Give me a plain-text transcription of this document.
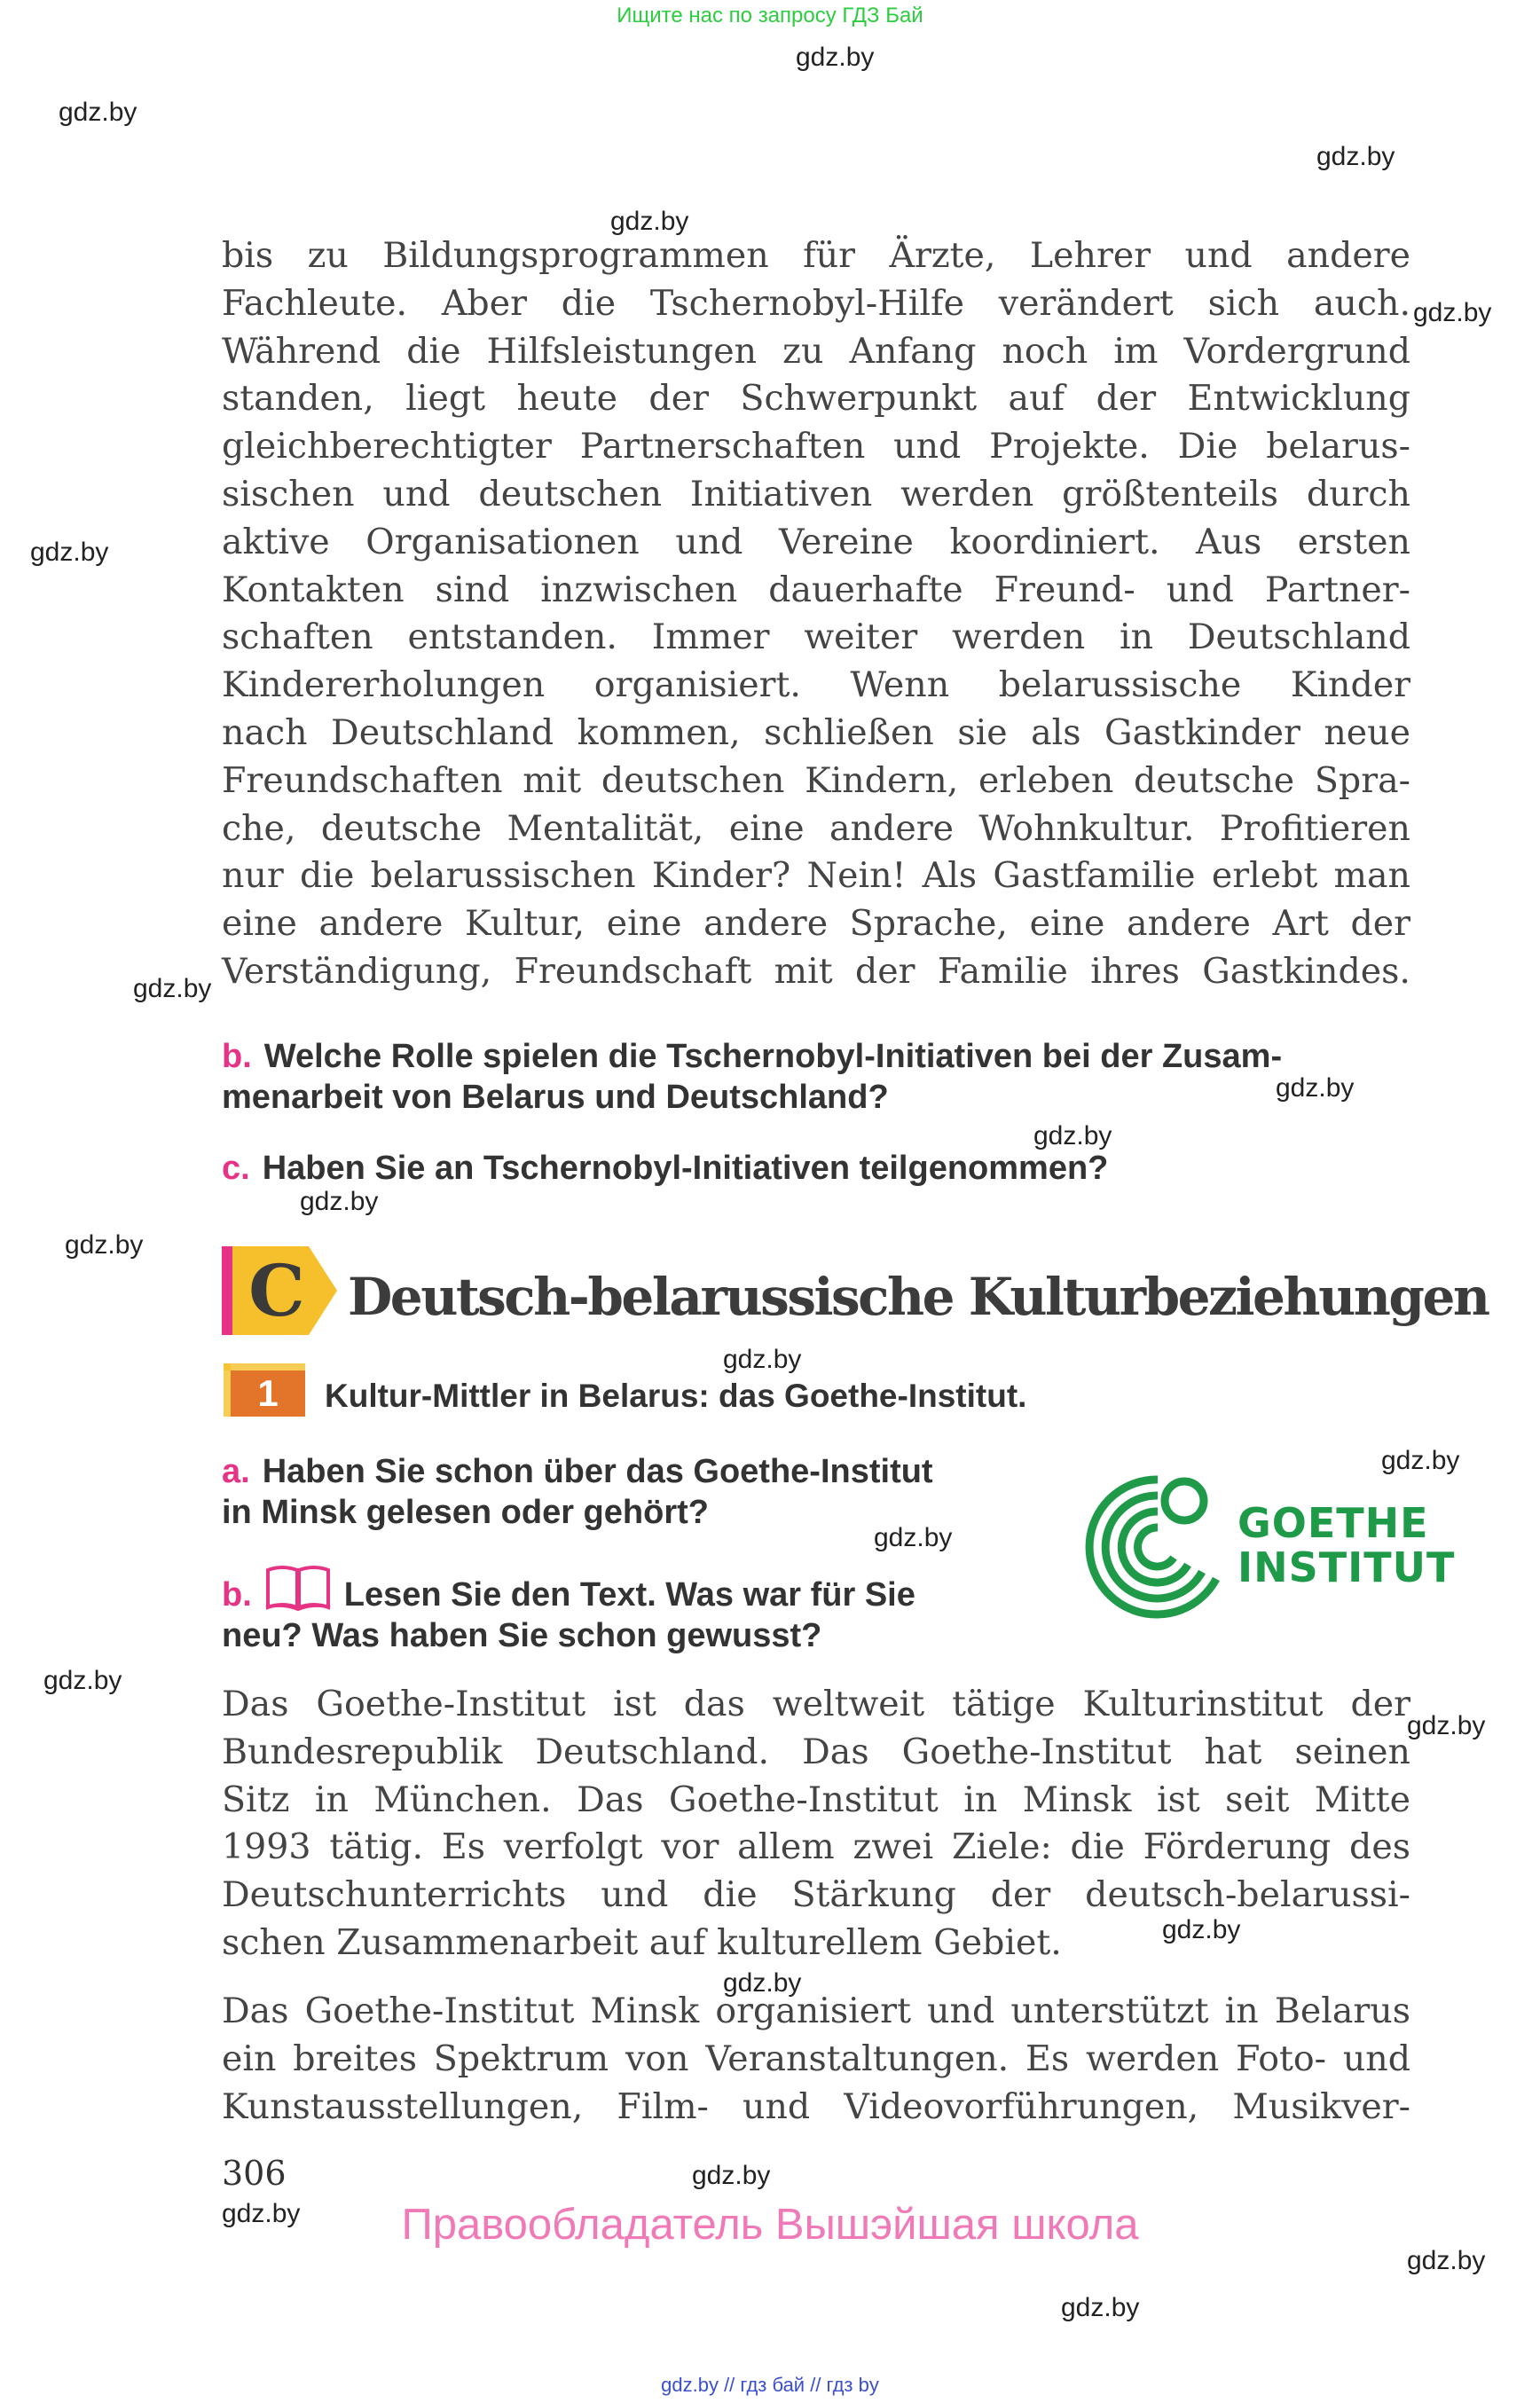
Ищите нас по запросу ГДЗ Бай
gdz.by
gdz.by
gdz.by
gdz.by
gdz.by
gdz.by
gdz.by
gdz.by
gdz.by
gdz.by
gdz.by
gdz.by
gdz.by
gdz.by
gdz.by
gdz.by
gdz.by
gdz.by
gdz.by
gdz.by
gdz.by
gdz.by
bis zu Bildungsprogrammen für Ärzte, Lehrer und andere
Fachleute. Aber die Tschernobyl-Hilfe verändert sich auch.
Während die Hilfsleistungen zu Anfang noch im Vordergrund
standen, liegt heute der Schwerpunkt auf der Entwicklung
gleichberechtigter Partnerschaften und Projekte. Die belarus-
sischen und deutschen Initiativen werden größtenteils durch
aktive Organisationen und Vereine koordiniert. Aus ersten
Kontakten sind inzwischen dauerhafte Freund- und Partner-
schaften entstanden. Immer weiter werden in Deutschland
Kindererholungen organisiert. Wenn belarussische Kinder
nach Deutschland kommen, schließen sie als Gastkinder neue
Freundschaften mit deutschen Kindern, erleben deutsche Spra-
che, deutsche Mentalität, eine andere Wohnkultur. Profitieren
nur die belarussischen Kinder? Nein! Als Gastfamilie erlebt man
eine andere Kultur, eine andere Sprache, eine andere Art der
Verständigung, Freundschaft mit der Familie ihres Gastkindes.
b. Welche Rolle spielen die Tschernobyl-Initiativen bei der Zusam-
menarbeit von Belarus und Deutschland?
c. Haben Sie an Tschernobyl-Initiativen teilgenommen?
C Deutsch-belarussische Kulturbeziehungen
1 Kultur-Mittler in Belarus: das Goethe-Institut.
a. Haben Sie schon über das Goethe-Institut
in Minsk gelesen oder gehört?
b.	Lesen Sie den Text. Was war für Sie
neu? Was haben Sie schon gewusst?
GOETHE
INSTITUT
Das Goethe-Institut ist das weltweit tätige Kulturinstitut der
Bundesrepublik Deutschland. Das Goethe-Institut hat seinen
Sitz in München. Das Goethe-Institut in Minsk ist seit Mitte
1993 tätig. Es verfolgt vor allem zwei Ziele: die Förderung des
Deutschunterrichts und die Stärkung der deutsch-belarussi-
schen Zusammenarbeit auf kulturellem Gebiet.
Das Goethe-Institut Minsk organisiert und unterstützt in Belarus
ein breites Spektrum von Veranstaltungen. Es werden Foto- und
Kunstausstellungen, Film- und Videovorführungen, Musikver-
306
Правообладатель Вышэйшая школа
gdz.by // гдз бай // гдз by
